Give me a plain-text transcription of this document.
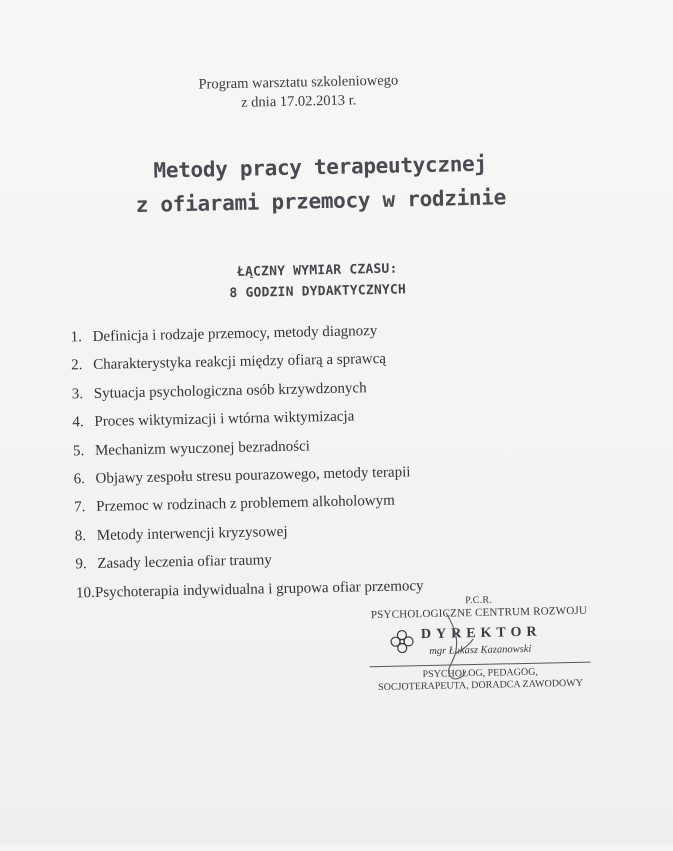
Program warsztatu szkoleniowego
z dnia 17.02.2013 r.
Metody pracy terapeutycznej
z ofiarami przemocy w rodzinie
ŁĄCZNY WYMIAR CZASU:
8 GODZIN DYDAKTYCZNYCH
1. Definicja i rodzaje przemocy, metody diagnozy
2. Charakterystyka reakcji między ofiarą a sprawcą
3. Sytuacja psychologiczna osób krzywdzonych
4. Proces wiktymizacji i wtórna wiktymizacja
5. Mechanizm wyuczonej bezradności
6. Objawy zespołu stresu pourazowego, metody terapii
7. Przemoc w rodzinach z problemem alkoholowym
8. Metody interwencji kryzysowej
9. Zasady leczenia ofiar traumy
10.Psychoterapia indywidualna i grupowa ofiar przemocy	P.C.R.
PSYCHOLOGICZNE CENTRUM ROZWOJU
DYREKTOR
mgr Łukasz Kazanowski
PSYCHOLOG, PEDAGOG,
SOCJOTERAPEUTA, DORADCA ZAWODOWY
